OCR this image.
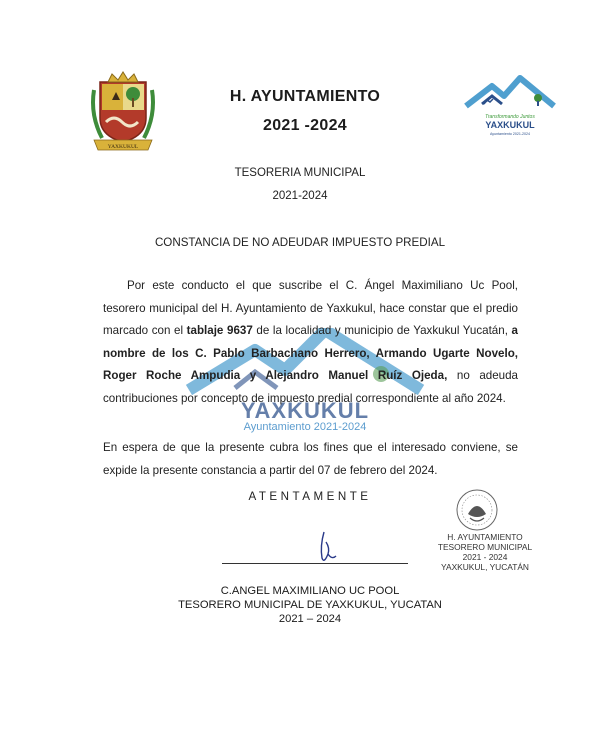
YAXKUKUL
H. AYUNTAMIENTO
2021 -2024	Transformando Juntos
YAXKUKUL
Ayuntamiento 2021-2024
TESORERIA MUNICIPAL
2021-2024
CONSTANCIA DE NO ADEUDAR IMPUESTO PREDIAL
YAXKUKUL
Ayuntamiento 2021-2024
Por este conducto el que suscribe el C. Ángel Maximiliano Uc Pool, tesorero municipal del H. Ayuntamiento de Yaxkukul, hace constar que el predio marcado con el tablaje 9637 de la localidad y municipio de Yaxkukul Yucatán, a nombre de los C. Pablo Barbachano Herrero, Armando Ugarte Novelo, Roger Roche Ampudia y Alejandro Manuel Ruíz Ojeda, no adeuda contribuciones por concepto de impuesto predial correspondiente al año 2024.
En espera de que la presente cubra los fines que el interesado conviene, se expide la presente constancia a partir del 07 de febrero del 2024.
ATENTAMENTE
H. AYUNTAMIENTO
TESORERO MUNICIPAL
2021 - 2024
YAXKUKUL, YUCATÁN
C.ANGEL MAXIMILIANO UC POOL
TESORERO MUNICIPAL DE YAXKUKUL, YUCATAN
2021 – 2024
